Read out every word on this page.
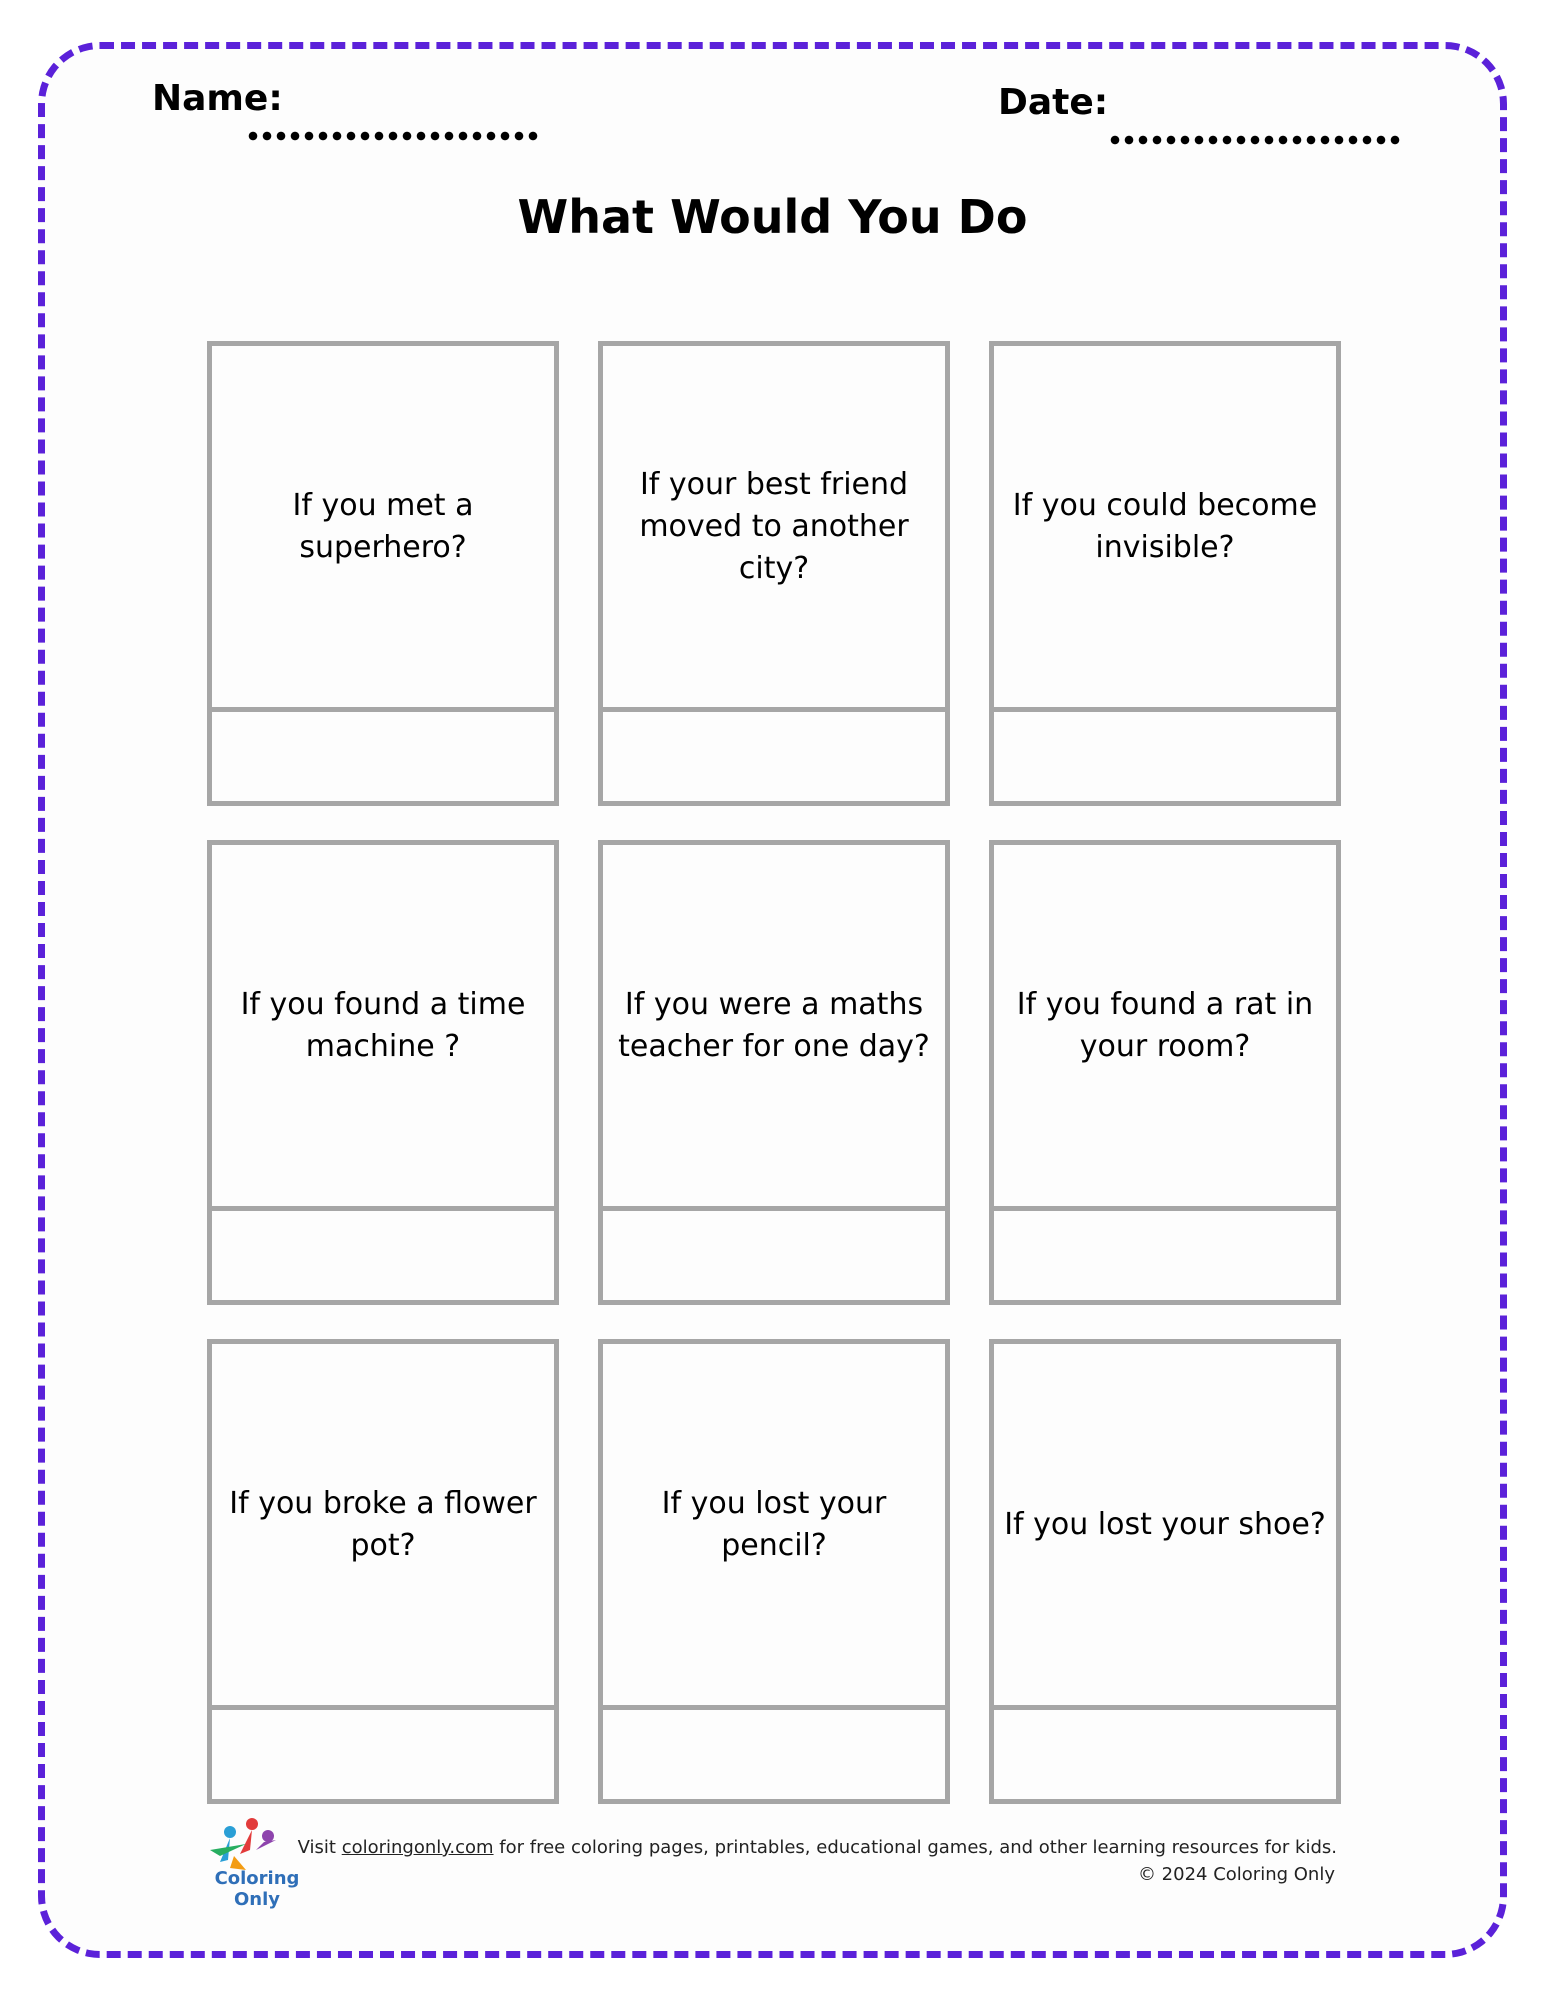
Name:	Date:
What Would You Do
If you met a superhero?
If your best friend moved to another city?
If you could become invisible?
If you found a time machine ?
If you were a maths teacher for one day?
If you found a rat in your room?
If you broke a flower pot?
If you lost your pencil?
If you lost your shoe?
Coloring Only
Visit coloringonly.com for free coloring pages, printables, educational games, and other learning resources for kids.
© 2024 Coloring Only
